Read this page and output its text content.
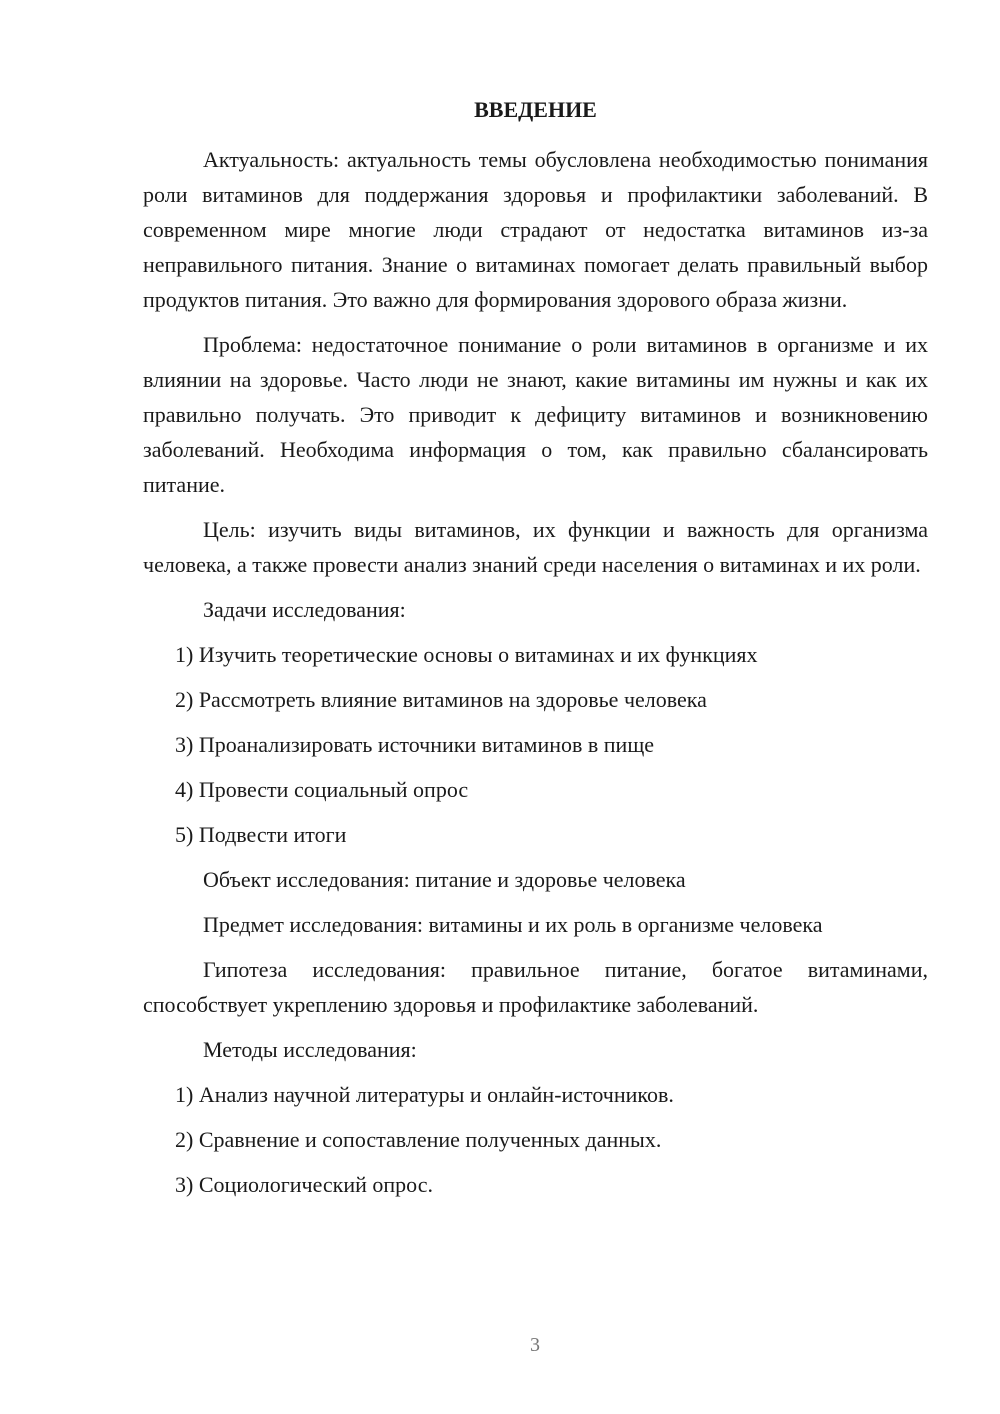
ВВЕДЕНИЕ

Актуальность: актуальность темы обусловлена необходимостью понимания роли витаминов для поддержания здоровья и профилактики заболеваний. В современном мире многие люди страдают от недостатка витаминов из-за неправильного питания. Знание о витаминах помогает делать правильный выбор продуктов питания. Это важно для формирования здорового образа жизни.

Проблема: недостаточное понимание о роли витаминов в организме и их влиянии на здоровье. Часто люди не знают, какие витамины им нужны и как их правильно получать. Это приводит к дефициту витаминов и возникновению заболеваний. Необходима информация о том, как правильно сбалансировать питание.

Цель: изучить виды витаминов, их функции и важность для организма человека, а также провести анализ знаний среди населения о витаминах и их роли.

Задачи исследования:

1) Изучить теоретические основы о витаминах и их функциях

2) Рассмотреть влияние витаминов на здоровье человека

3) Проанализировать источники витаминов в пище

4) Провести социальный опрос

5) Подвести итоги

Объект исследования: питание и здоровье человека

Предмет исследования: витамины и их роль в организме человека

Гипотеза исследования: правильное питание, богатое витаминами, способствует укреплению здоровья и профилактике заболеваний.

Методы исследования:

1) Анализ научной литературы и онлайн-источников.

2) Сравнение и сопоставление полученных данных.

3) Социологический опрос.

3
